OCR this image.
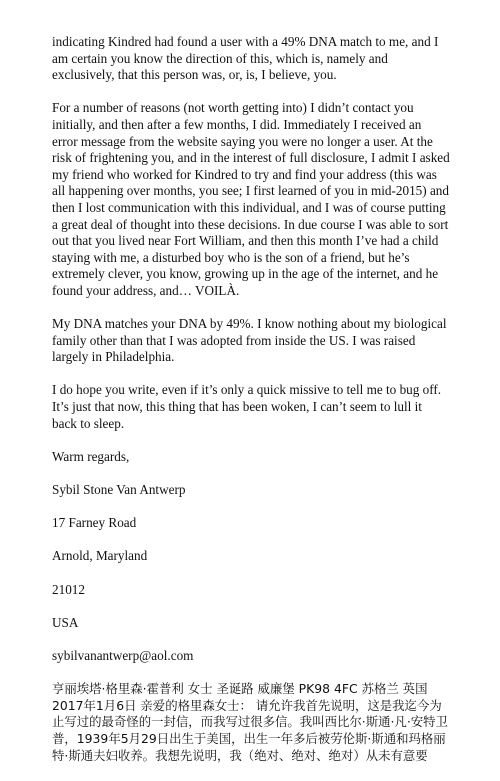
indicating Kindred had found a user with a 49% DNA match to me, and I am certain you know the direction of this, which is, namely and exclusively, that this person was, or, is, I believe, you.

For a number of reasons (not worth getting into) I didn’t contact you initially, and then after a few months, I did. Immediately I received an error message from the website saying you were no longer a user. At the risk of frightening you, and in the interest of full disclosure, I admit I asked my friend who worked for Kindred to try and find your address (this was all happening over months, you see; I first learned of you in mid-2015) and then I lost communication with this individual, and I was of course putting a great deal of thought into these decisions. In due course I was able to sort out that you lived near Fort William, and then this month I’ve had a child staying with me, a disturbed boy who is the son of a friend, but he’s extremely clever, you know, growing up in the age of the internet, and he found your address, and… VOILÀ.

My DNA matches your DNA by 49%. I know nothing about my biological family other than that I was adopted from inside the US. I was raised largely in Philadelphia.

I do hope you write, even if it’s only a quick missive to tell me to bug off. It’s just that now, this thing that has been woken, I can’t seem to lull it back to sleep.

Warm regards,

Sybil Stone Van Antwerp

17 Farney Road

Arnold, Maryland

21012

USA

sybilvanantwerp@aol.com

亨丽埃塔·格里森·霍普利 女士 圣诞路 威廉堡 PK98 4FC 苏格兰 英国 2017年1月6日 亲爱的格里森女士： 请允许我首先说明，这是我迄今为止写过的最奇怪的一封信，而我写过很多信。我叫西比尔·斯通·凡·安特卫普，1939年5月29日出生于美国，出生一年多后被劳伦斯·斯通和玛格丽特·斯通夫妇收养。我想先说明，我（绝对、绝对、绝对）从未有意要
